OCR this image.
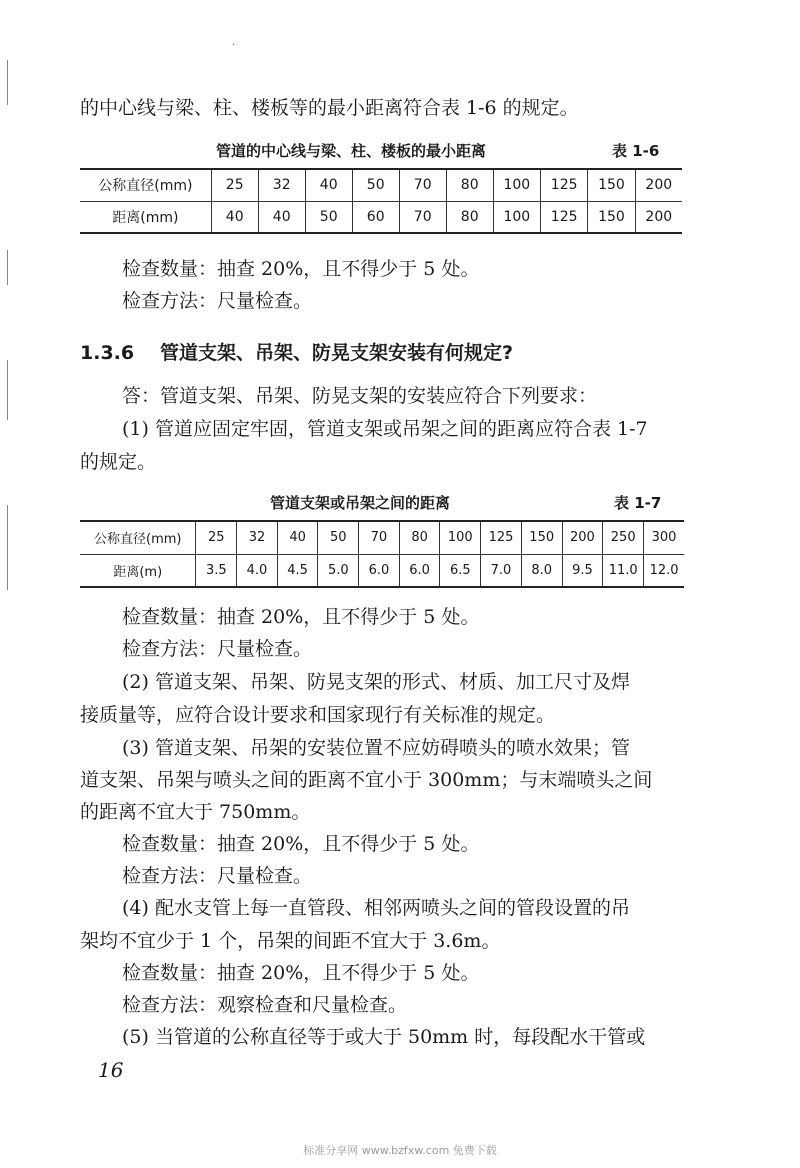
·
的中心线与梁、柱、楼板等的最小距离符合表 1-6 的规定。
管道的中心线与梁、柱、楼板的最小距离	表 1-6
公称直径(mm)	25	32	40	50	70	80	100	125	150	200
距离(mm)	40	40	50	60	70	80	100	125	150	200
检查数量：抽查 20%，且不得少于 5 处。
检查方法：尺量检查。
1.3.6 管道支架、吊架、防晃支架安装有何规定?
答：管道支架、吊架、防晃支架的安装应符合下列要求：
(1) 管道应固定牢固，管道支架或吊架之间的距离应符合表 1-7
的规定。
管道支架或吊架之间的距离	表 1-7
公称直径(mm)	25	32	40	50	70	80	100	125	150	200	250	300
距离(m)	3.5	4.0	4.5	5.0	6.0	6.0	6.5	7.0	8.0	9.5	11.0	12.0
检查数量：抽查 20%，且不得少于 5 处。
检查方法：尺量检查。
(2) 管道支架、吊架、防晃支架的形式、材质、加工尺寸及焊
接质量等，应符合设计要求和国家现行有关标准的规定。
(3) 管道支架、吊架的安装位置不应妨碍喷头的喷水效果；管
道支架、吊架与喷头之间的距离不宜小于 300mm；与末端喷头之间
的距离不宜大于 750mm。
检查数量：抽查 20%，且不得少于 5 处。
检查方法：尺量检查。
(4) 配水支管上每一直管段、相邻两喷头之间的管段设置的吊
架均不宜少于 1 个，吊架的间距不宜大于 3.6m。
检查数量：抽查 20%，且不得少于 5 处。
检查方法：观察检查和尺量检查。
(5) 当管道的公称直径等于或大于 50mm 时，每段配水干管或
16
标准分享网 www.bzfxw.com 免费下载
